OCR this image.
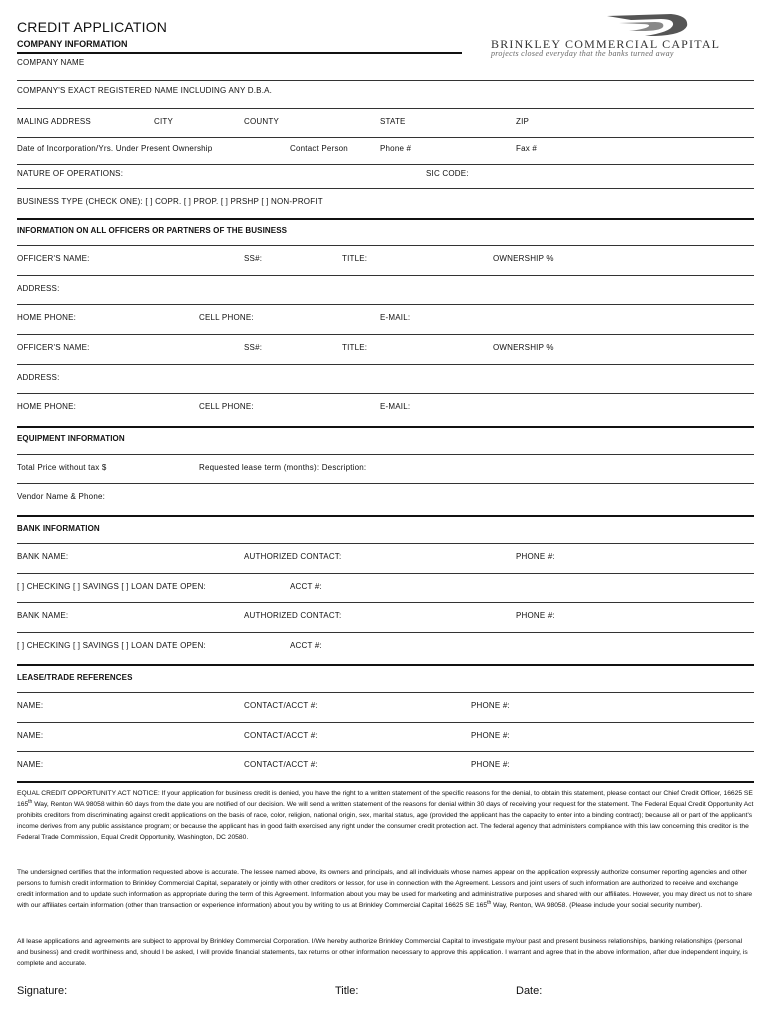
CREDIT APPLICATION
COMPANY INFORMATION	BRINKLEY COMMERCIAL CAPITAL
projects closed everyday that the banks turned away
COMPANY NAME
COMPANY'S EXACT REGISTERED NAME INCLUDING ANY D.B.A.
MALING ADDRESS	CITY	COUNTY	STATE	ZIP
Date of Incorporation/Yrs. Under Present Ownership	Contact Person	Phone #	Fax #
NATURE OF OPERATIONS:	SIC CODE:
BUSINESS TYPE (CHECK ONE): [ ] COPR. [ ] PROP. [ ] PRSHP [ ] NON-PROFIT
INFORMATION ON ALL OFFICERS OR PARTNERS OF THE BUSINESS
OFFICER'S NAME:	SS#:	TITLE:	OWNERSHIP %
ADDRESS:
HOME PHONE:	CELL PHONE:	E-MAIL:
OFFICER'S NAME:	SS#:	TITLE:	OWNERSHIP %
ADDRESS:
HOME PHONE:	CELL PHONE:	E-MAIL:
EQUIPMENT INFORMATION
Total Price without tax $	Requested lease term (months): Description:
Vendor Name & Phone:
BANK INFORMATION
BANK NAME:	AUTHORIZED CONTACT:	PHONE #:
[ ] CHECKING [ ] SAVINGS [ ] LOAN DATE OPEN:	ACCT #:
BANK NAME:	AUTHORIZED CONTACT:	PHONE #:
[ ] CHECKING [ ] SAVINGS [ ] LOAN DATE OPEN:	ACCT #:
LEASE/TRADE REFERENCES
NAME:	CONTACT/ACCT #:	PHONE #:
NAME:	CONTACT/ACCT #:	PHONE #:
NAME:	CONTACT/ACCT #:	PHONE #:

EQUAL CREDIT OPPORTUNITY ACT NOTICE: If your application for business credit is denied, you have the right to a written statement of the specific reasons for the denial, to obtain this statement, please contact our Chief Credit Officer, 16625 SE 165th Way, Renton WA 98058 within 60 days from the date you are notified of our decision. We will send a written statement of the reasons for denial within 30 days of receiving your request for the statement. The Federal Equal Credit Opportunity Act prohibits creditors from discriminating against credit applications on the basis of race, color, religion, national origin, sex, marital status, age (provided the applicant has the capacity to enter into a binding contract); because all or part of the applicant's income derives from any public assistance program; or because the applicant has in good faith exercised any right under the consumer credit protection act. The federal agency that administers compliance with this law concerning this creditor is the Federal Trade Commission, Equal Credit Opportunity, Washington, DC 20580.

The undersigned certifies that the information requested above is accurate. The lessee named above, its owners and principals, and all individuals whose names appear on the application expressly authorize consumer reporting agencies and other persons to furnish credit information to Brinkley Commercial Capital, separately or jointly with other creditors or lessor, for use in connection with the Agreement. Lessors and joint users of such information are authorized to receive and exchange credit information and to update such information as appropriate during the term of this Agreement. Information about you may be used for marketing and administrative purposes and shared with our affiliates. However, you may direct us not to share with our affiliates certain information (other than transaction or experience information) about you by writing to us at Brinkley Commercial Capital 16625 SE 165th Way, Renton, WA 98058. (Please include your social security number).

All lease applications and agreements are subject to approval by Brinkley Commercial Corporation. I/We hereby authorize Brinkley Commercial Capital to investigate my/our past and present business relationships, banking relationships (personal and business) and credit worthiness and, should I be asked, I will provide financial statements, tax returns or other information necessary to approve this application. I warrant and agree that in the above information, after due independent inquiry, is complete and accurate.

Signature:	Title:	Date:
